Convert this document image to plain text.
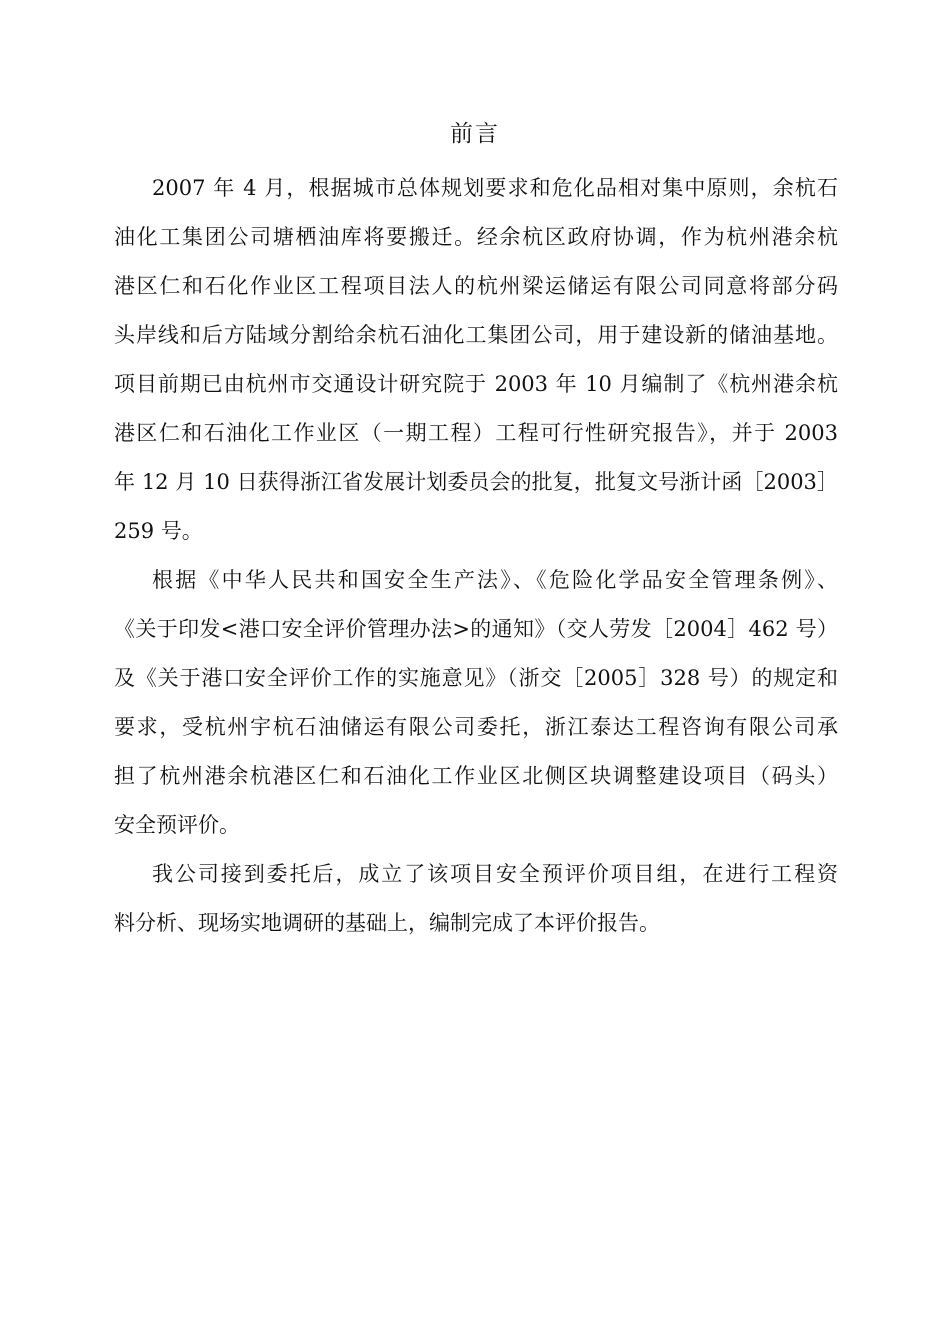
前言
2007 年 4 月，根据城市总体规划要求和危化品相对集中原则，余杭石
油化工集团公司塘栖油库将要搬迁。经余杭区政府协调，作为杭州港余杭
港区仁和石化作业区工程项目法人的杭州梁运储运有限公司同意将部分码
头岸线和后方陆域分割给余杭石油化工集团公司，用于建设新的储油基地。
项目前期已由杭州市交通设计研究院于 2003 年 10 月编制了《杭州港余杭
港区仁和石油化工作业区（一期工程）工程可行性研究报告》，并于 2003
年 12 月 10 日获得浙江省发展计划委员会的批复，批复文号浙计函［2003］
259 号。
根据《中华人民共和国安全生产法》、《危险化学品安全管理条例》、
《关于印发<港口安全评价管理办法>的通知》（交人劳发［2004］462 号）
及《关于港口安全评价工作的实施意见》（浙交［2005］328 号）的规定和
要求，受杭州宇杭石油储运有限公司委托，浙江泰达工程咨询有限公司承
担了杭州港余杭港区仁和石油化工作业区北侧区块调整建设项目（码头）
安全预评价。
我公司接到委托后，成立了该项目安全预评价项目组，在进行工程资
料分析、现场实地调研的基础上，编制完成了本评价报告。
